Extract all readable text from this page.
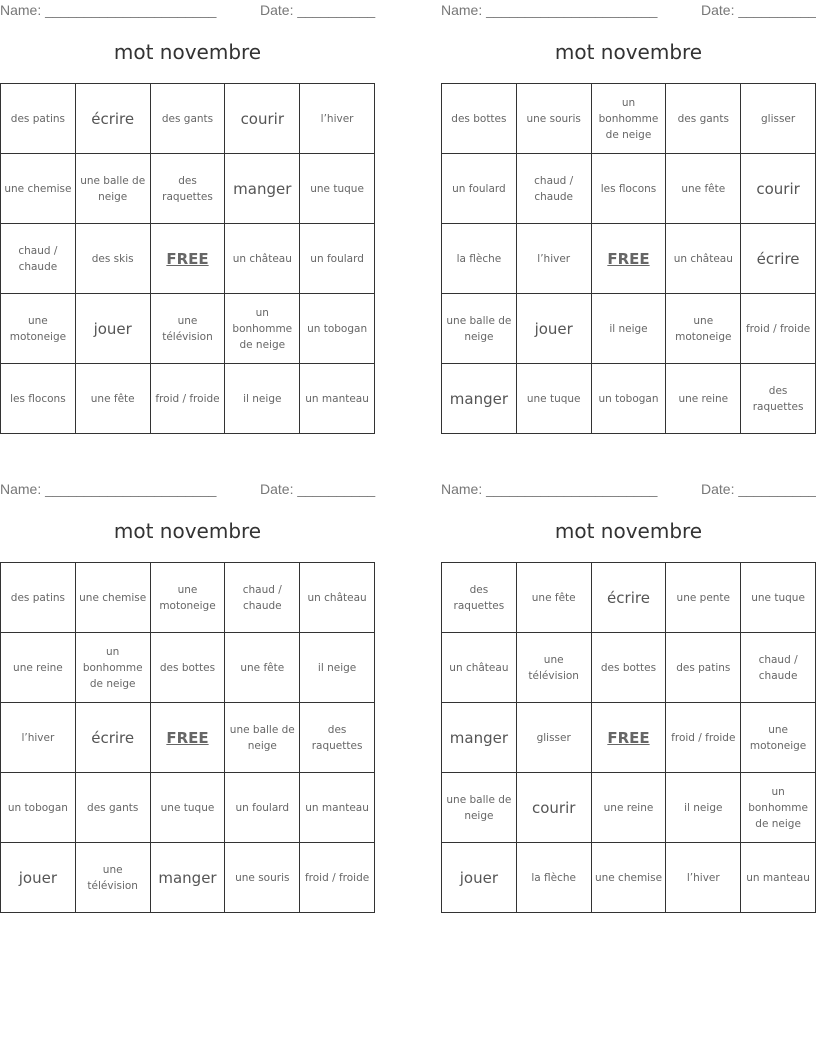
Name: ______________________	Date: __________
mot novembre
des patins	écrire	des gants	courir	l’hiver
une chemise	une balle de neige	des raquettes	manger	une tuque
chaud / chaude	des skis	FREE	un château	un foulard
une motoneige	jouer	une télévision	un bonhomme de neige	un tobogan
les flocons	une fête	froid / froide	il neige	un manteau
Name: ______________________	Date: __________
mot novembre
des bottes	une souris	un bonhomme de neige	des gants	glisser
un foulard	chaud / chaude	les flocons	une fête	courir
la flèche	l’hiver	FREE	un château	écrire
une balle de neige	jouer	il neige	une motoneige	froid / froide
manger	une tuque	un tobogan	une reine	des raquettes
Name: ______________________	Date: __________
mot novembre
des patins	une chemise	une motoneige	chaud / chaude	un château
une reine	un bonhomme de neige	des bottes	une fête	il neige
l’hiver	écrire	FREE	une balle de neige	des raquettes
un tobogan	des gants	une tuque	un foulard	un manteau
jouer	une télévision	manger	une souris	froid / froide
Name: ______________________	Date: __________
mot novembre
des raquettes	une fête	écrire	une pente	une tuque
un château	une télévision	des bottes	des patins	chaud / chaude
manger	glisser	FREE	froid / froide	une motoneige
une balle de neige	courir	une reine	il neige	un bonhomme de neige
jouer	la flèche	une chemise	l’hiver	un manteau
